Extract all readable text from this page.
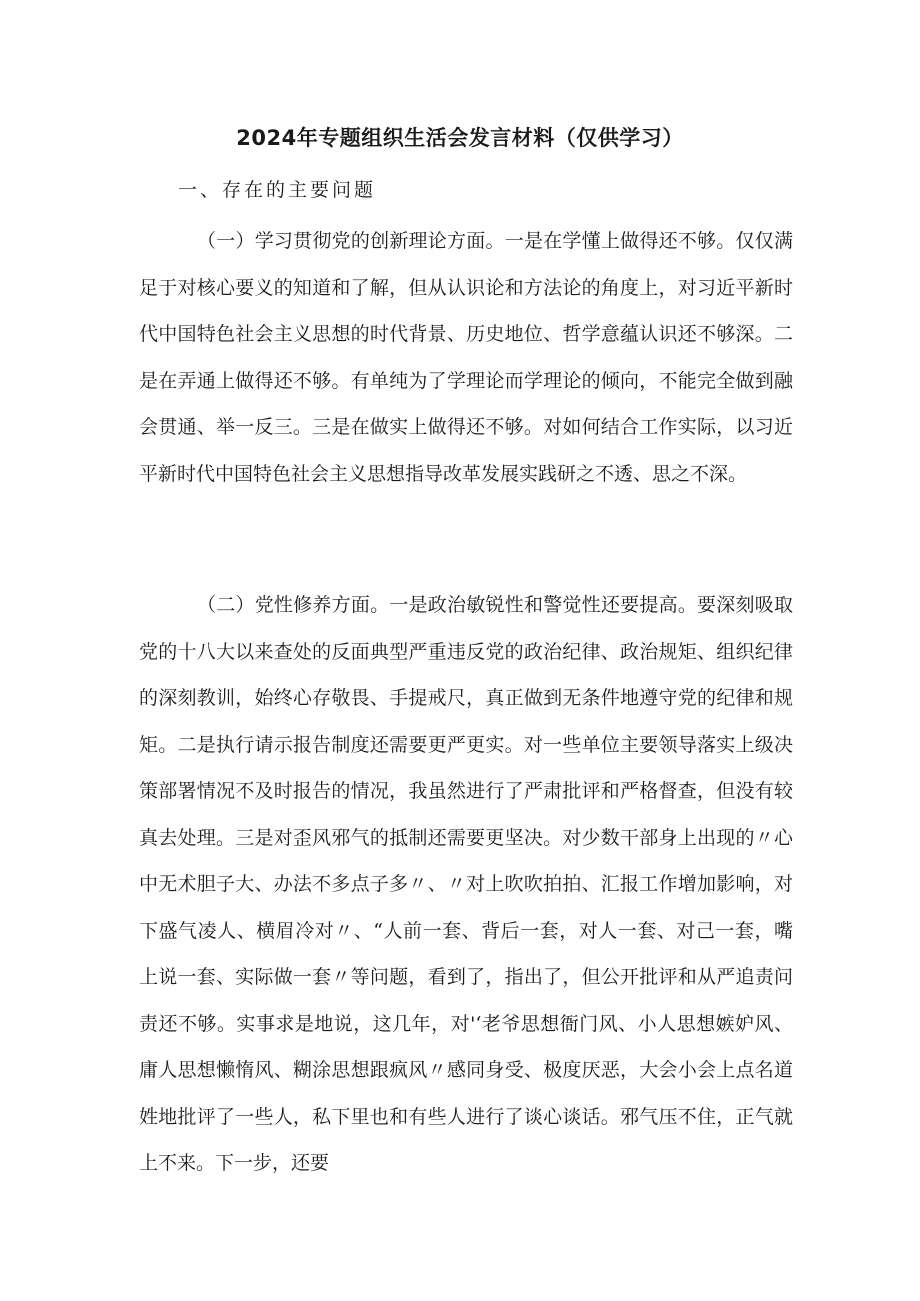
2024年专题组织生活会发言材料（仅供学习）
一、存在的主要问题

（一）学习贯彻党的创新理论方面。一是在学懂上做得还不够。仅仅满足于对核心要义的知道和了解，但从认识论和方法论的角度上，对习近平新时代中国特色社会主义思想的时代背景、历史地位、哲学意蕴认识还不够深。二是在弄通上做得还不够。有单纯为了学理论而学理论的倾向，不能完全做到融会贯通、举一反三。三是在做实上做得还不够。对如何结合工作实际，以习近平新时代中国特色社会主义思想指导改革发展实践研之不透、思之不深。

（二）党性修养方面。一是政治敏锐性和警觉性还要提高。要深刻吸取党的十八大以来查处的反面典型严重违反党的政治纪律、政治规矩、组织纪律的深刻教训，始终心存敬畏、手提戒尺，真正做到无条件地遵守党的纪律和规矩。二是执行请示报告制度还需要更严更实。对一些单位主要领导落实上级决策部署情况不及时报告的情况，我虽然进行了严肃批评和严格督查，但没有较真去处理。三是对歪风邪气的抵制还需要更坚决。对少数干部身上出现的〃心中无术胆子大、办法不多点子多〃、〃对上吹吹拍拍、汇报工作增加影响，对下盛气凌人、横眉冷对〃、“人前一套、背后一套，对人一套、对己一套，嘴上说一套、实际做一套〃等问题，看到了，指出了，但公开批评和从严追责问责还不够。实事求是地说，这几年，对'‘老爷思想衙门风、小人思想嫉妒风、庸人思想懒惰风、糊涂思想跟疯风〃感同身受、极度厌恶，大会小会上点名道姓地批评了一些人，私下里也和有些人进行了谈心谈话。邪气压不住，正气就上不来。下一步，还要
